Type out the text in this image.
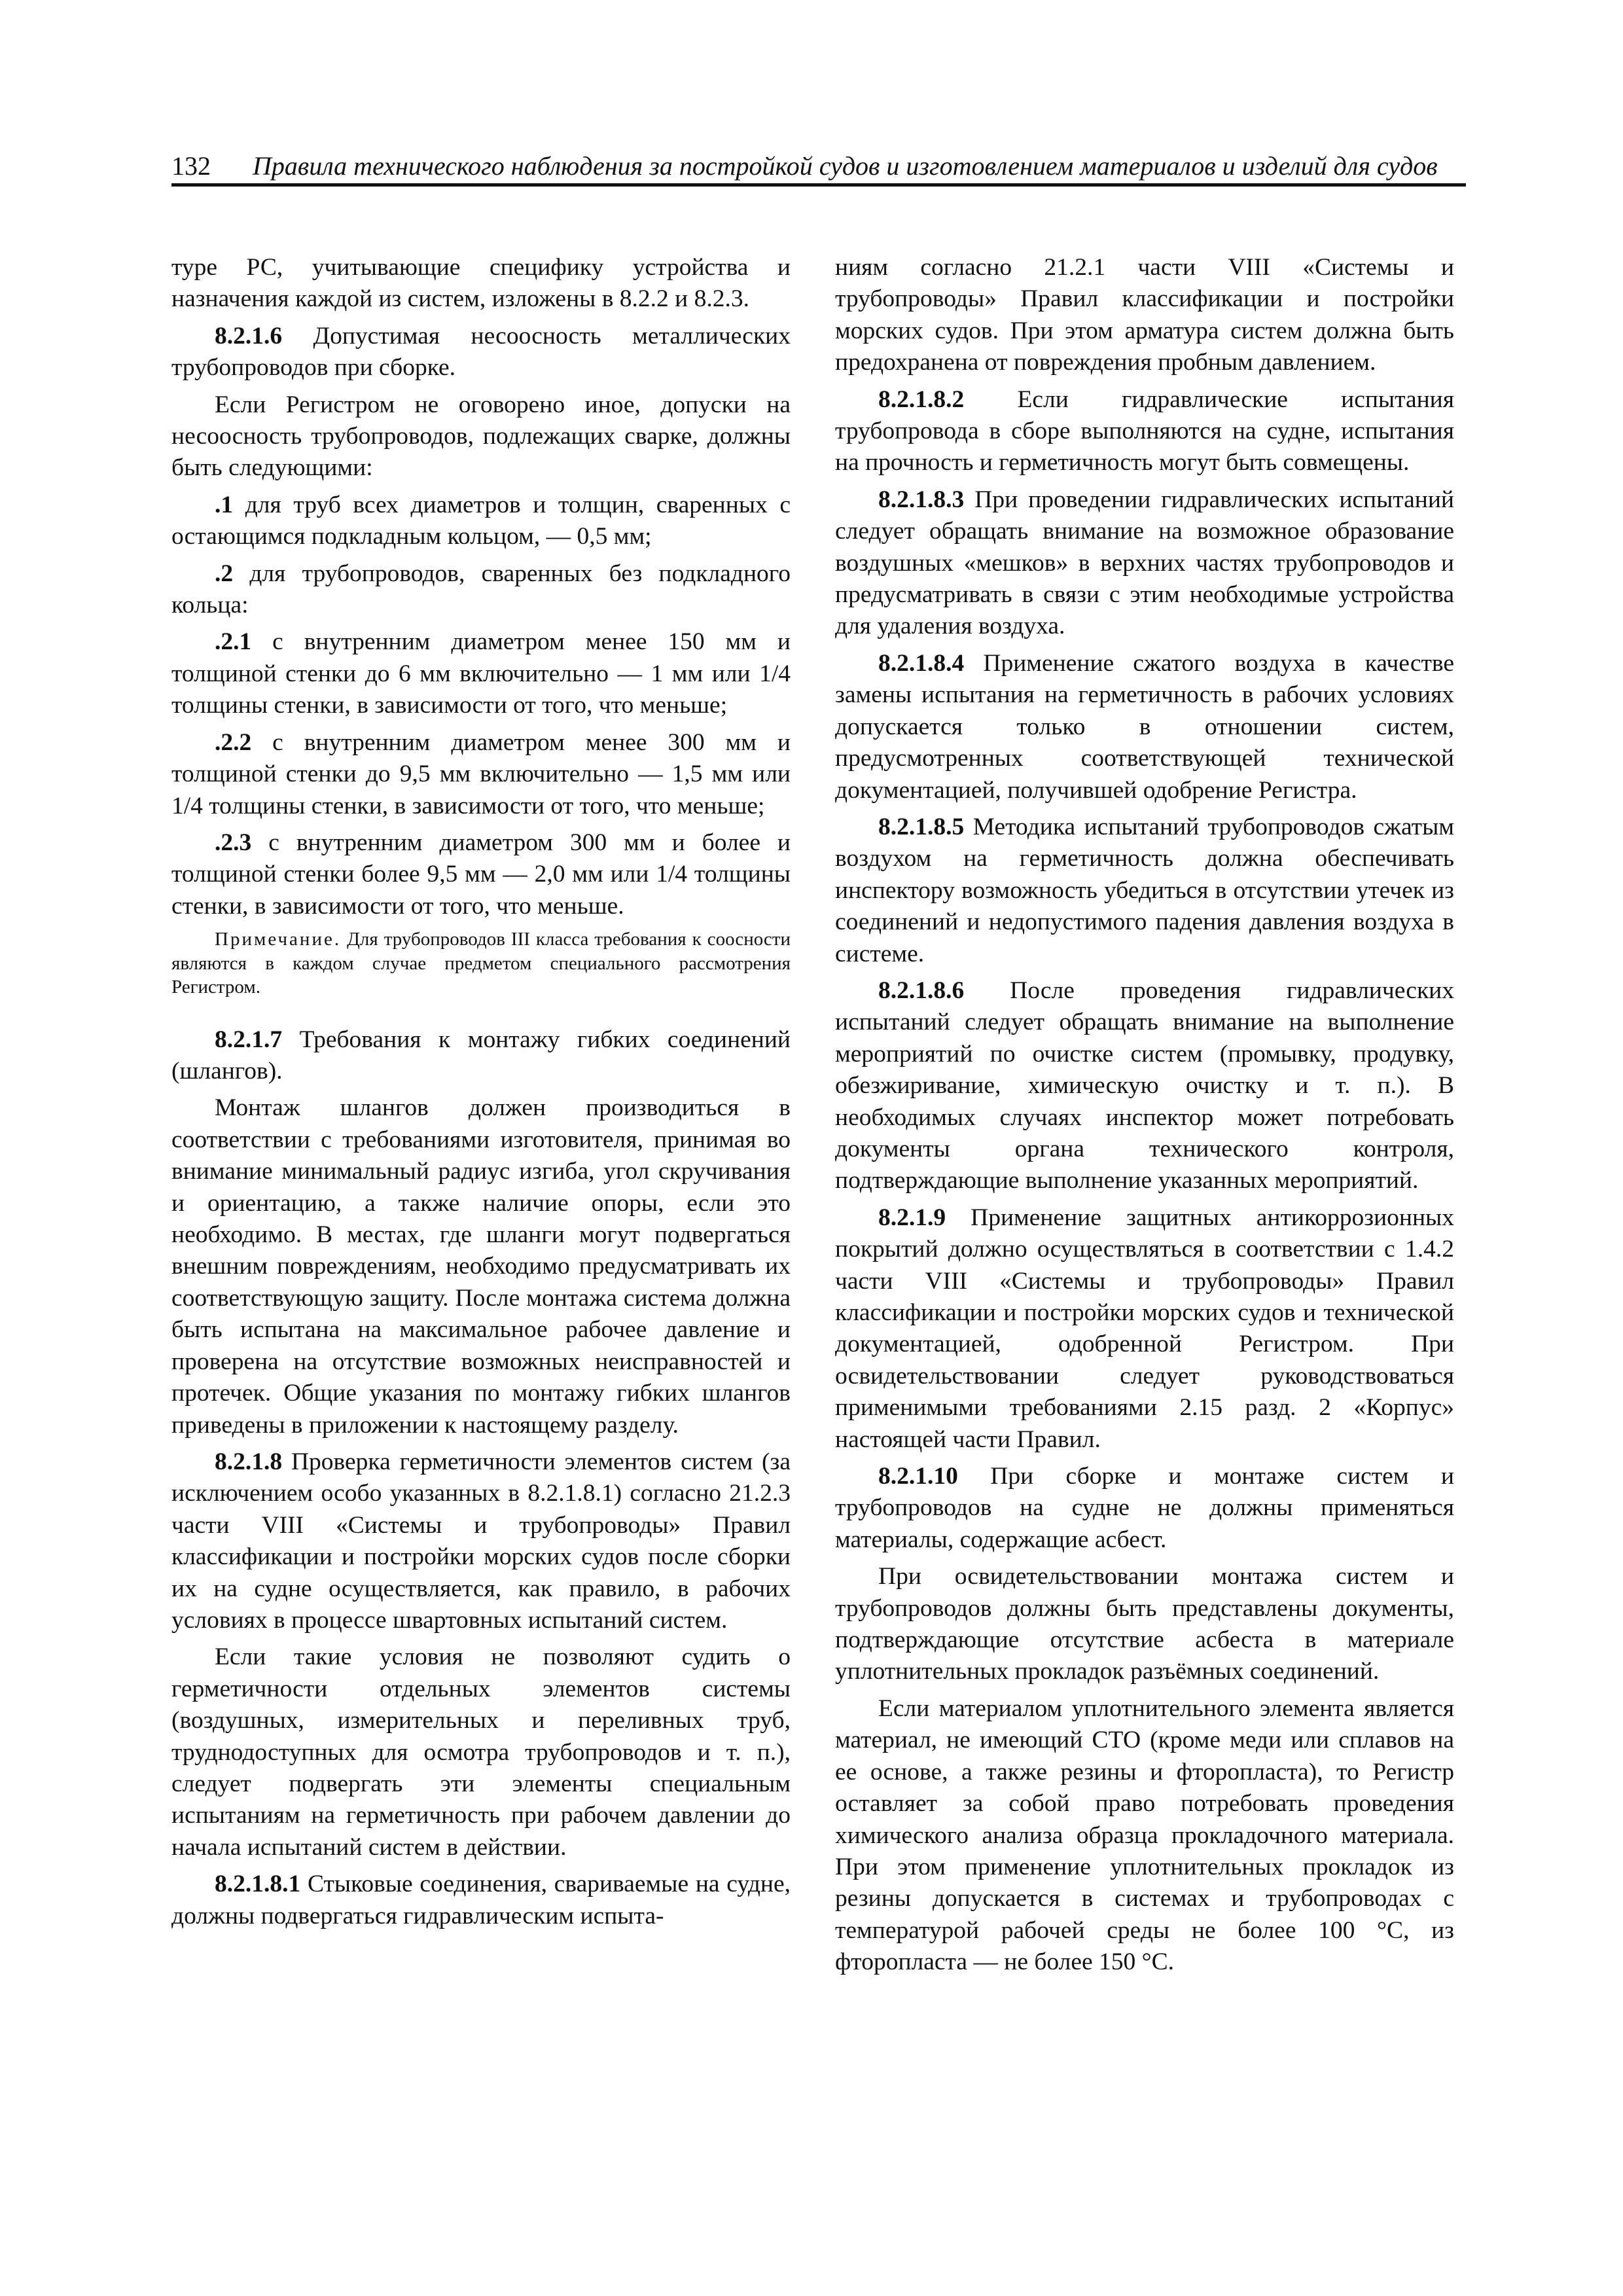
132 Правила технического наблюдения за постройкой судов и изготовлением материалов и изделий для судов

туре РС, учитывающие специфику устройства и назначения каждой из систем, изложены в 8.2.2 и 8.2.3.

8.2.1.6 Допустимая несоосность металлических трубопроводов при сборке.

Если Регистром не оговорено иное, допуски на несоосность трубопроводов, подлежащих сварке, должны быть следующими:

.1 для труб всех диаметров и толщин, сваренных с остающимся подкладным кольцом, — 0,5 мм;

.2 для трубопроводов, сваренных без подкладного кольца:

.2.1 с внутренним диаметром менее 150 мм и толщиной стенки до 6 мм включительно — 1 мм или 1/4 толщины стенки, в зависимости от того, что меньше;

.2.2 с внутренним диаметром менее 300 мм и толщиной стенки до 9,5 мм включительно — 1,5 мм или 1/4 толщины стенки, в зависимости от того, что меньше;

.2.3 с внутренним диаметром 300 мм и более и толщиной стенки более 9,5 мм — 2,0 мм или 1/4 толщины стенки, в зависимости от того, что меньше.

Примечание. Для трубопроводов III класса требования к соосности являются в каждом случае предметом специального рассмотрения Регистром.

8.2.1.7 Требования к монтажу гибких соединений (шлангов).

Монтаж шлангов должен производиться в соответствии с требованиями изготовителя, принимая во внимание минимальный радиус изгиба, угол скручивания и ориентацию, а также наличие опоры, если это необходимо. В местах, где шланги могут подвергаться внешним повреждениям, необходимо предусматривать их соответствующую защиту. После монтажа система должна быть испытана на максимальное рабочее давление и проверена на отсутствие возможных неисправностей и протечек. Общие указания по монтажу гибких шлангов приведены в приложении к настоящему разделу.

8.2.1.8 Проверка герметичности элементов систем (за исключением особо указанных в 8.2.1.8.1) согласно 21.2.3 части VIII «Системы и трубопроводы» Правил классификации и постройки морских судов после сборки их на судне осуществляется, как правило, в рабочих условиях в процессе швартовных испытаний систем.

Если такие условия не позволяют судить о герметичности отдельных элементов системы (воздушных, измерительных и переливных труб, труднодоступных для осмотра трубопроводов и т. п.), следует подвергать эти элементы специальным испытаниям на герметичность при рабочем давлении до начала испытаний систем в действии.

8.2.1.8.1 Стыковые соединения, свариваемые на судне, должны подвергаться гидравлическим испыта-

ниям согласно 21.2.1 части VIII «Системы и трубопроводы» Правил классификации и постройки морских судов. При этом арматура систем должна быть предохранена от повреждения пробным давлением.

8.2.1.8.2 Если гидравлические испытания трубопровода в сборе выполняются на судне, испытания на прочность и герметичность могут быть совмещены.

8.2.1.8.3 При проведении гидравлических испытаний следует обращать внимание на возможное образование воздушных «мешков» в верхних частях трубопроводов и предусматривать в связи с этим необходимые устройства для удаления воздуха.

8.2.1.8.4 Применение сжатого воздуха в качестве замены испытания на герметичность в рабочих условиях допускается только в отношении систем, предусмотренных соответствующей технической документацией, получившей одобрение Регистра.

8.2.1.8.5 Методика испытаний трубопроводов сжатым воздухом на герметичность должна обеспечивать инспектору возможность убедиться в отсутствии утечек из соединений и недопустимого падения давления воздуха в системе.

8.2.1.8.6 После проведения гидравлических испытаний следует обращать внимание на выполнение мероприятий по очистке систем (промывку, продувку, обезжиривание, химическую очистку и т. п.). В необходимых случаях инспектор может потребовать документы органа технического контроля, подтверждающие выполнение указанных мероприятий.

8.2.1.9 Применение защитных антикоррозионных покрытий должно осуществляться в соответствии с 1.4.2 части VIII «Системы и трубопроводы» Правил классификации и постройки морских судов и технической документацией, одобренной Регистром. При освидетельствовании следует руководствоваться применимыми требованиями 2.15 разд. 2 «Корпус» настоящей части Правил.

8.2.1.10 При сборке и монтаже систем и трубопроводов на судне не должны применяться материалы, содержащие асбест.

При освидетельствовании монтажа систем и трубопроводов должны быть представлены документы, подтверждающие отсутствие асбеста в материале уплотнительных прокладок разъёмных соединений.

Если материалом уплотнительного элемента является материал, не имеющий СТО (кроме меди или сплавов на ее основе, а также резины и фторопласта), то Регистр оставляет за собой право потребовать проведения химического анализа образца прокладочного материала. При этом применение уплотнительных прокладок из резины допускается в системах и трубопроводах с температурой рабочей среды не более 100 °С, из фторопласта — не более 150 °С.
